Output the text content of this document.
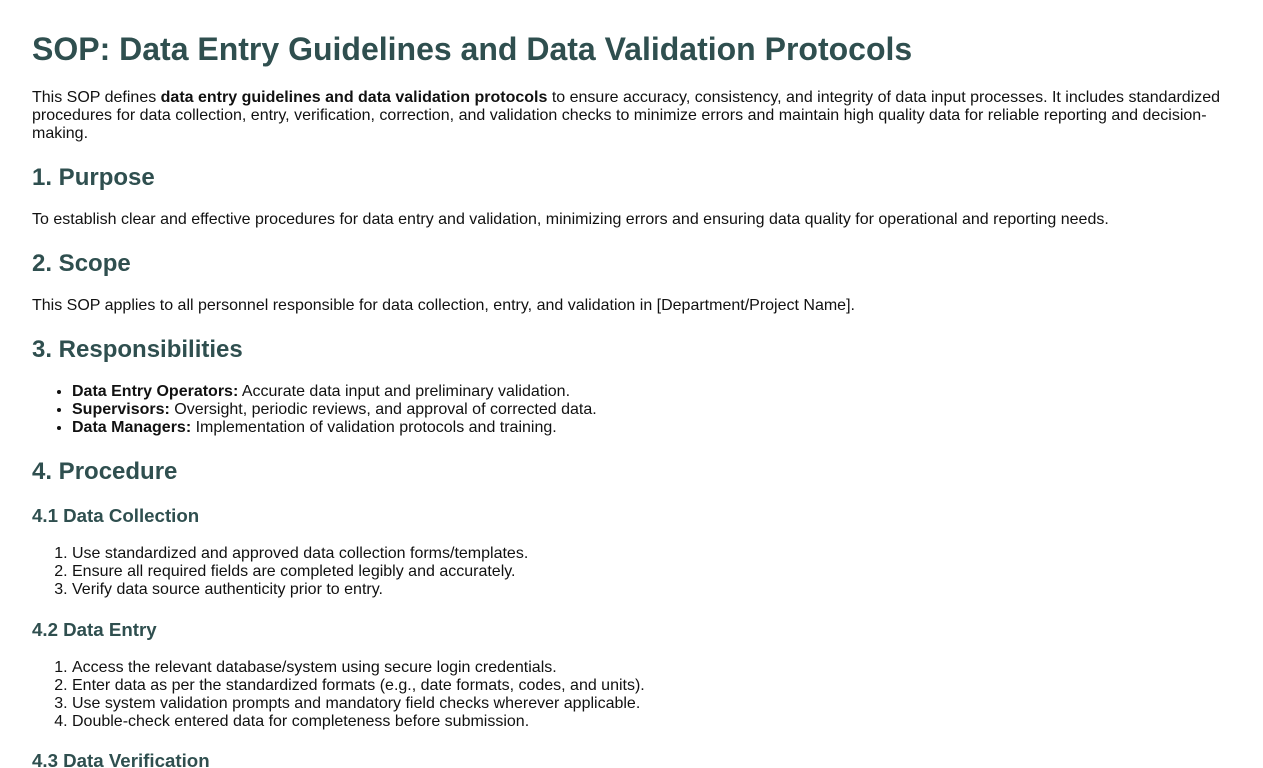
SOP: Data Entry Guidelines and Data Validation Protocols

This SOP defines data entry guidelines and data validation protocols to ensure accuracy, consistency, and integrity of data input processes. It includes standardized procedures for data collection, entry, verification, correction, and validation checks to minimize errors and maintain high quality data for reliable reporting and decision-making.

1. Purpose

To establish clear and effective procedures for data entry and validation, minimizing errors and ensuring data quality for operational and reporting needs.

2. Scope

This SOP applies to all personnel responsible for data collection, entry, and validation in [Department/Project Name].

3. Responsibilities
• Data Entry Operators: Accurate data input and preliminary validation.
• Supervisors: Oversight, periodic reviews, and approval of corrected data.
• Data Managers: Implementation of validation protocols and training.
4. Procedure
4.1 Data Collection
1. Use standardized and approved data collection forms/templates.
2. Ensure all required fields are completed legibly and accurately.
3. Verify data source authenticity prior to entry.
4.2 Data Entry
1. Access the relevant database/system using secure login credentials.
2. Enter data as per the standardized formats (e.g., date formats, codes, and units).
3. Use system validation prompts and mandatory field checks wherever applicable.
4. Double-check entered data for completeness before submission.
4.3 Data Verification
